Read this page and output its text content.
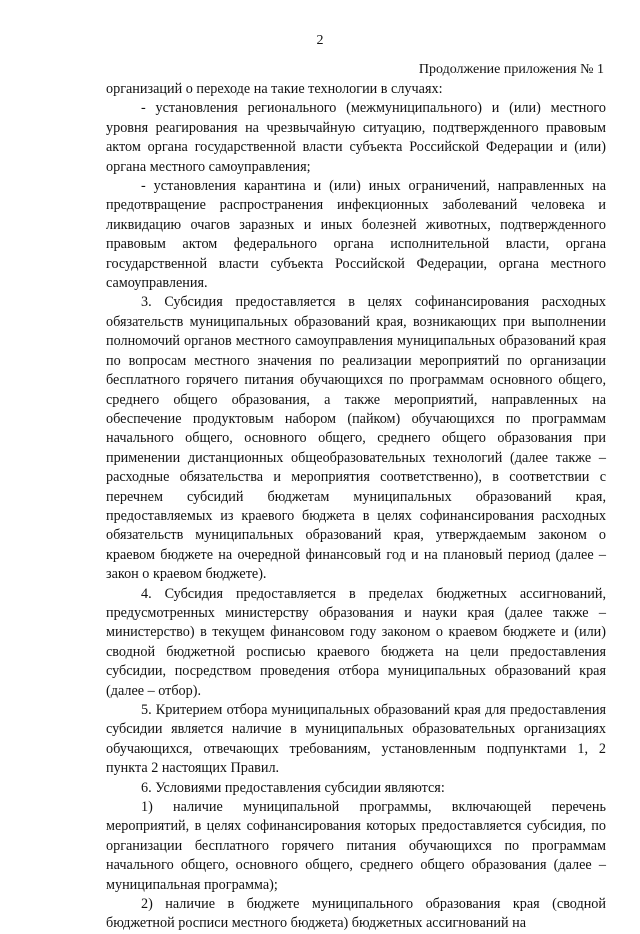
2
Продолжение приложения № 1

организаций о переходе на такие технологии в случаях:

- установления регионального (межмуниципального) и (или) местного уровня реагирования на чрезвычайную ситуацию, подтвержденного правовым актом органа государственной власти субъекта Российской Федерации и (или) органа местного самоуправления;

- установления карантина и (или) иных ограничений, направленных на предотвращение распространения инфекционных заболеваний человека и ликвидацию очагов заразных и иных болезней животных, подтвержденного правовым актом федерального органа исполнительной власти, органа государственной власти субъекта Российской Федерации, органа местного самоуправления.

3. Субсидия предоставляется в целях софинансирования расходных обязательств муниципальных образований края, возникающих при выполнении полномочий органов местного самоуправления муниципальных образований края по вопросам местного значения по реализации мероприятий по организации бесплатного горячего питания обучающихся по программам основного общего, среднего общего образования, а также мероприятий, направленных на обеспечение продуктовым набором (пайком) обучающихся по программам начального общего, основного общего, среднего общего образования при применении дистанционных общеобразовательных технологий (далее также – расходные обязательства и мероприятия соответственно), в соответствии с перечнем субсидий бюджетам муниципальных образований края, предоставляемых из краевого бюджета в целях софинансирования расходных обязательств муниципальных образований края, утверждаемым законом о краевом бюджете на очередной финансовый год и на плановый период (далее – закон о краевом бюджете).

4. Субсидия предоставляется в пределах бюджетных ассигнований, предусмотренных министерству образования и науки края (далее также – министерство) в текущем финансовом году законом о краевом бюджете и (или) сводной бюджетной росписью краевого бюджета на цели предоставления субсидии, посредством проведения отбора муниципальных образований края (далее – отбор).

5. Критерием отбора муниципальных образований края для предоставления субсидии является наличие в муниципальных образовательных организациях обучающихся, отвечающих требованиям, установленным подпунктами 1, 2 пункта 2 настоящих Правил.

6. Условиями предоставления субсидии являются:

1) наличие муниципальной программы, включающей перечень мероприятий, в целях софинансирования которых предоставляется субсидия, по организации бесплатного горячего питания обучающихся по программам начального общего, основного общего, среднего общего образования (далее – муниципальная программа);

2) наличие в бюджете муниципального образования края (сводной бюджетной росписи местного бюджета) бюджетных ассигнований на
